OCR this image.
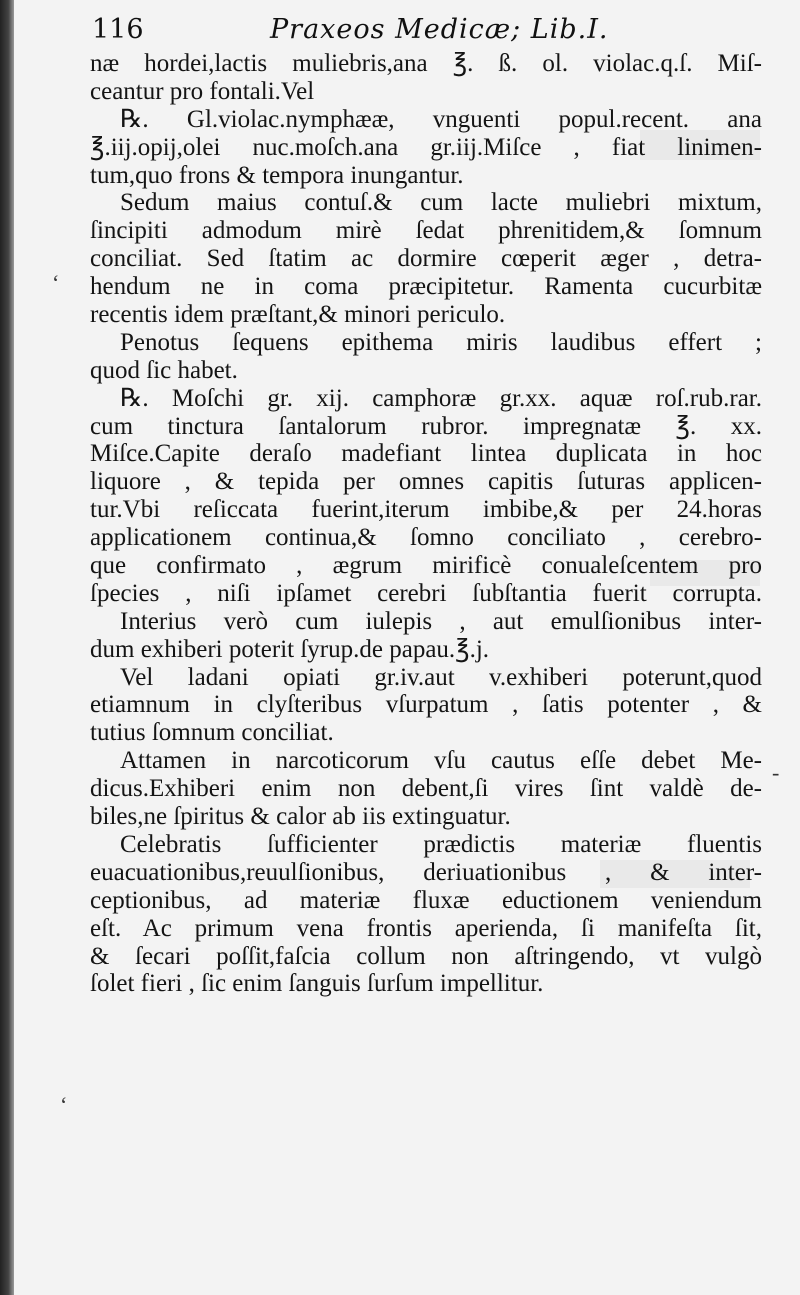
116	Praxeos Medicæ; Lib.I.
næ hordei,lactis muliebris,ana ℥. ß. ol. violac.q.ſ. Miſ-
ceantur pro fontali.Vel
℞. Gl.violac.nymphææ, vnguenti popul.recent. ana
℥.iij.opij,olei nuc.moſch.ana gr.iij.Miſce , fiat linimen-
tum,quo frons & tempora inungantur.
Sedum maius contuſ.& cum lacte muliebri mixtum,
ſincipiti admodum mirè ſedat phrenitidem,& ſomnum
conciliat. Sed ſtatim ac dormire cœperit æger , detra-
hendum ne in coma præcipitetur. Ramenta cucurbitæ
recentis idem præſtant,& minori periculo.
Penotus ſequens epithema miris laudibus effert ;
quod ſic habet.
℞. Moſchi gr. xij. camphoræ gr.xx. aquæ roſ.rub.rar.
cum tinctura ſantalorum rubror. impregnatæ ℥. xx.
Miſce.Capite deraſo madefiant lintea duplicata in hoc
liquore , & tepida per omnes capitis ſuturas applicen-
tur.Vbi reſiccata fuerint,iterum imbibe,& per 24.horas
applicationem continua,& ſomno conciliato , cerebro-
que confirmato , ægrum mirificè conualeſcentem pro
ſpecies , niſi ipſamet cerebri ſubſtantia fuerit corrupta.
Interius verò cum iulepis , aut emulſionibus inter-
dum exhiberi poterit ſyrup.de papau.℥.j.
Vel ladani opiati gr.iv.aut v.exhiberi poterunt,quod
etiamnum in clyſteribus vſurpatum , ſatis potenter , &
tutius ſomnum conciliat.
Attamen in narcoticorum vſu cautus eſſe debet Me-
dicus.Exhiberi enim non debent,ſi vires ſint valdè de-
biles,ne ſpiritus & calor ab iis extinguatur.
Celebratis ſufficienter prædictis materiæ fluentis
euacuationibus,reuulſionibus, deriuationibus , & inter-
ceptionibus, ad materiæ fluxæ eductionem veniendum
eſt. Ac primum vena frontis aperienda, ſi manifeſta ſit,
& ſecari poſſit,faſcia collum non aſtringendo, vt vulgò
ſolet fieri , ſic enim ſanguis ſurſum impellitur.
‘
‘
-
